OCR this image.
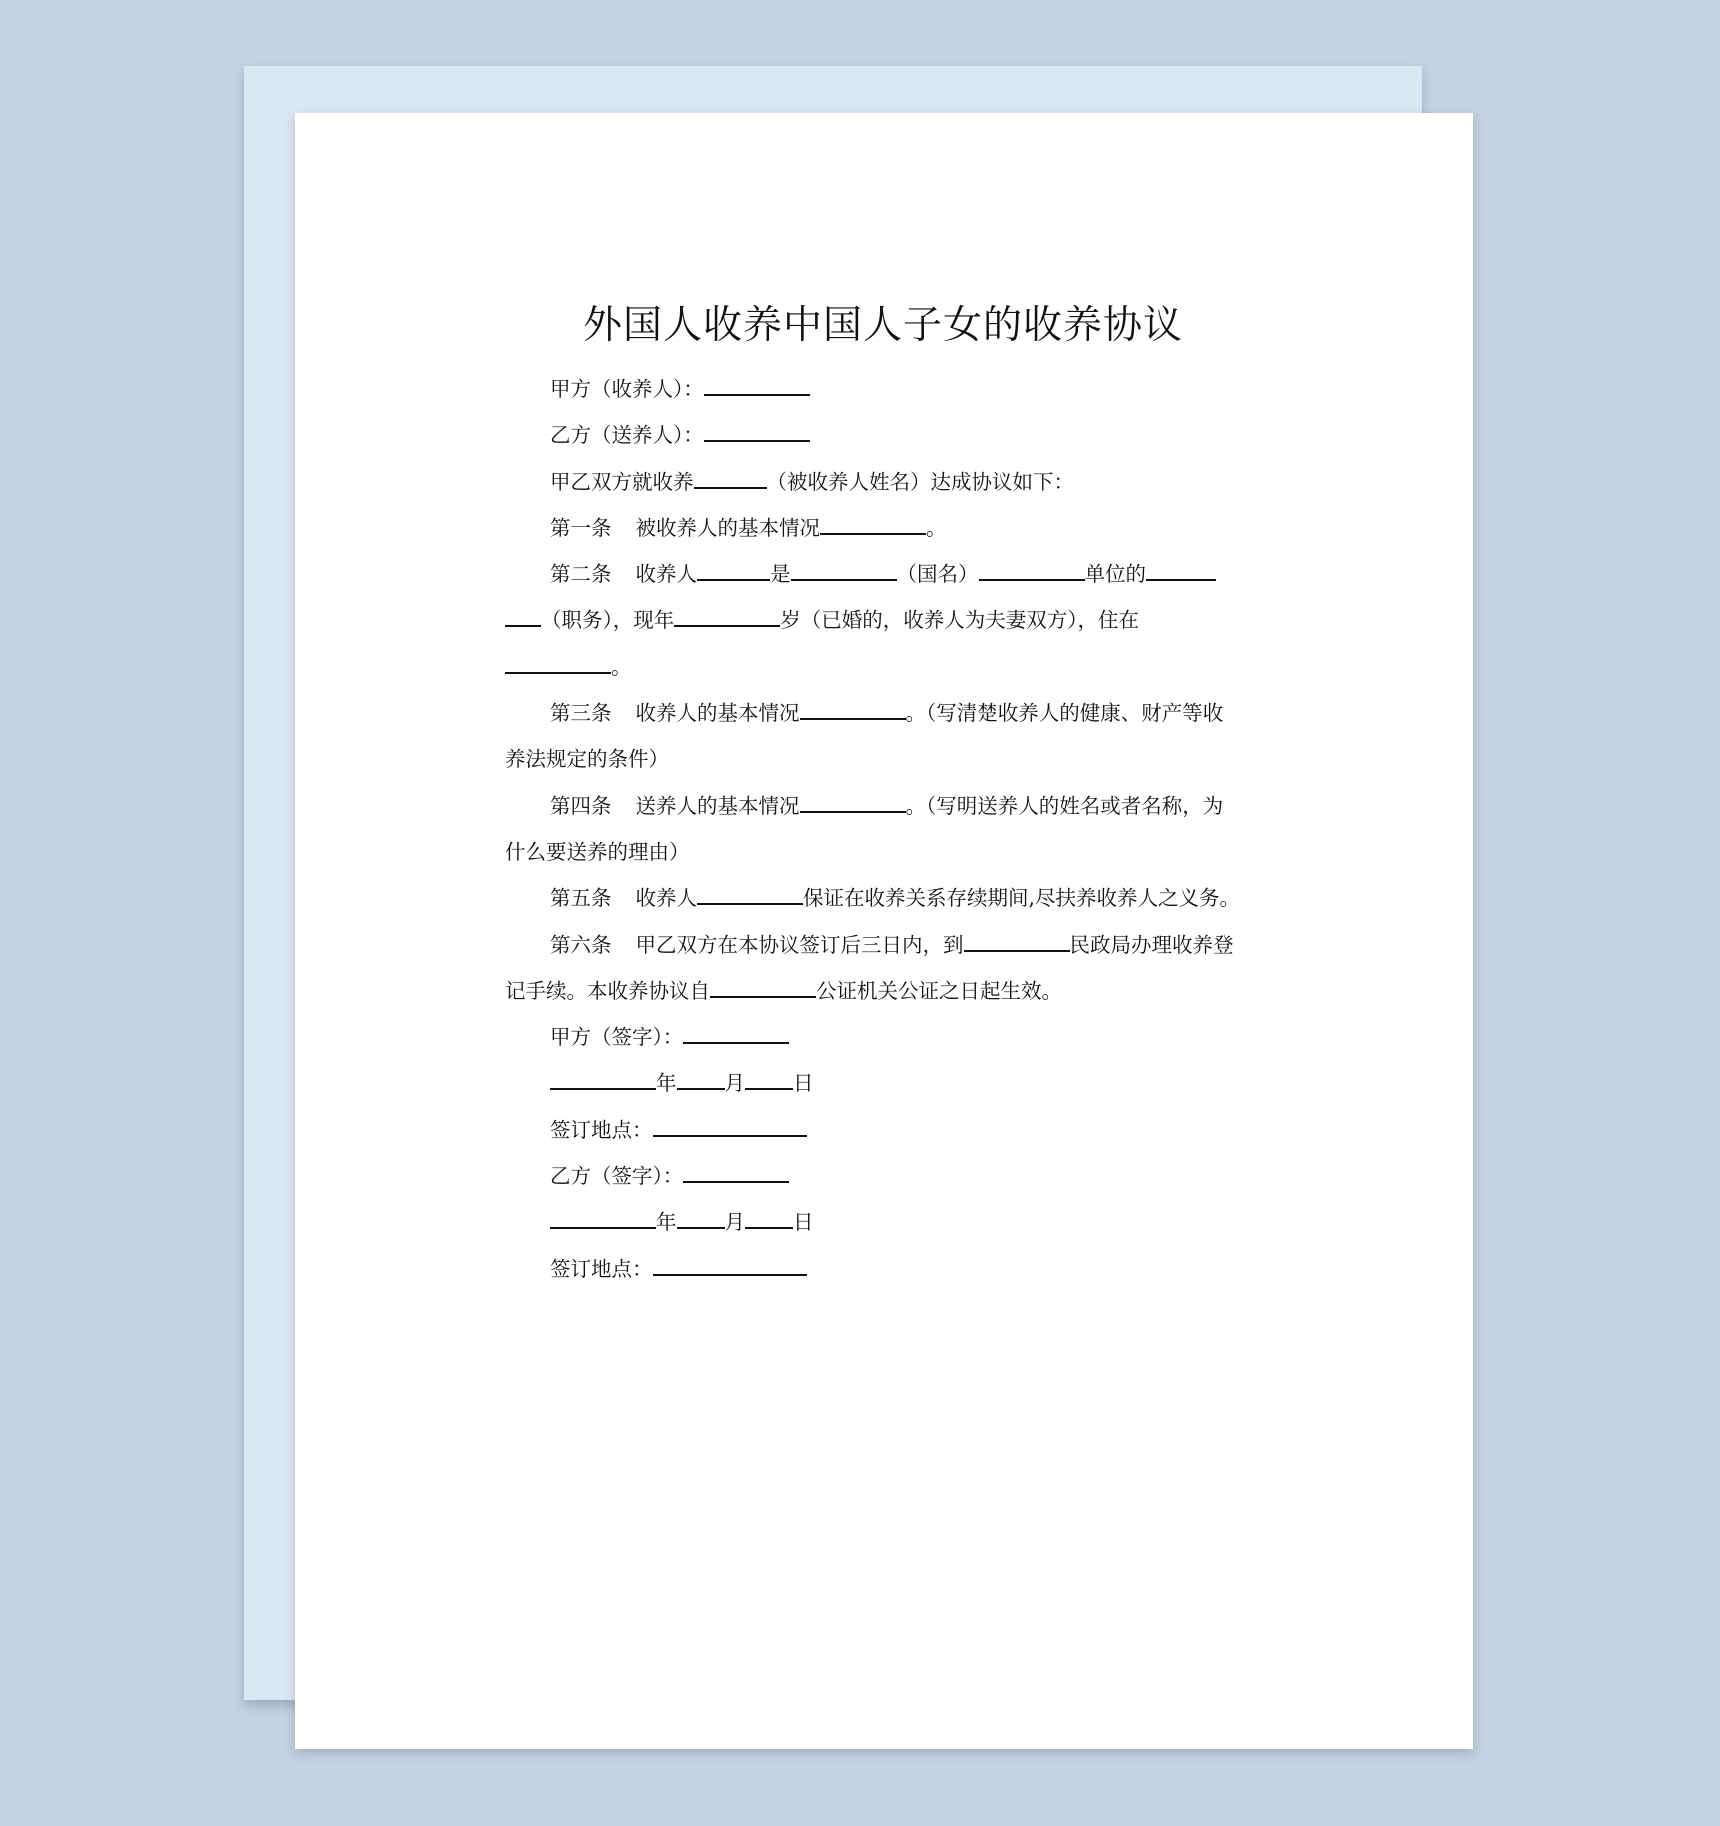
外国人收养中国人子女的收养协议

甲方（收养人）：

乙方（送养人）：

甲乙双方就收养	（被收养人姓名）达成协议如下：

第一条 被收养人的基本情况	。

第二条 收养人	是	（国名）	单位的

（职务），现年	岁（已婚的，收养人为夫妻双方），住在

。

第三条 收养人的基本情况	。（写清楚收养人的健康、财产等收

养法规定的条件）

第四条 送养人的基本情况	。（写明送养人的姓名或者名称，为

什么要送养的理由）

第五条 收养人	保证在收养关系存续期间,尽扶养收养人之义务。

第六条 甲乙双方在本协议签订后三日内，到	民政局办理收养登

记手续。本收养协议自	公证机关公证之日起生效。

甲方（签字）：

年 月 日

签订地点：

乙方（签字）：

年 月 日

签订地点：
